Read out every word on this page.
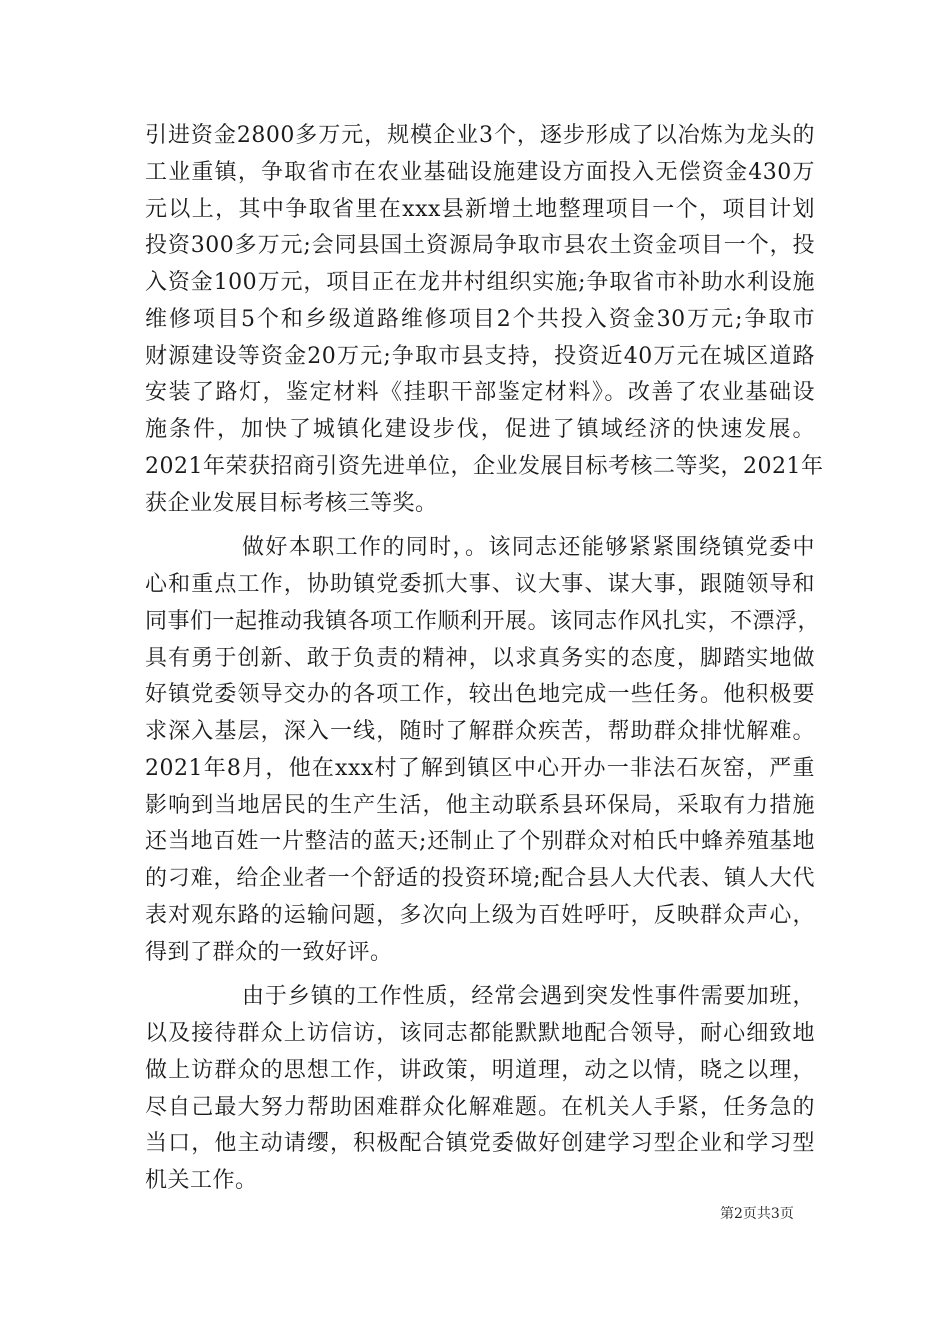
引进资金2800多万元，规模企业3个，逐步形成了以冶炼为龙头的
工业重镇，争取省市在农业基础设施建设方面投入无偿资金430万
元以上，其中争取省里在xxx县新增土地整理项目一个，项目计划
投资300多万元;会同县国土资源局争取市县农土资金项目一个，投
入资金100万元，项目正在龙井村组织实施;争取省市补助水利设施
维修项目5个和乡级道路维修项目2个共投入资金30万元;争取市
财源建设等资金20万元;争取市县支持，投资近40万元在城区道路
安装了路灯，鉴定材料《挂职干部鉴定材料》。改善了农业基础设
施条件，加快了城镇化建设步伐，促进了镇域经济的快速发展。
2021年荣获招商引资先进单位，企业发展目标考核二等奖，2021年
获企业发展目标考核三等奖。
做好本职工作的同时，。该同志还能够紧紧围绕镇党委中
心和重点工作，协助镇党委抓大事、议大事、谋大事，跟随领导和
同事们一起推动我镇各项工作顺利开展。该同志作风扎实，不漂浮，
具有勇于创新、敢于负责的精神，以求真务实的态度，脚踏实地做
好镇党委领导交办的各项工作，较出色地完成一些任务。他积极要
求深入基层，深入一线，随时了解群众疾苦，帮助群众排忧解难。
2021年8月，他在xxx村了解到镇区中心开办一非法石灰窑，严重
影响到当地居民的生产生活，他主动联系县环保局，采取有力措施
还当地百姓一片整洁的蓝天;还制止了个别群众对柏氏中蜂养殖基地
的刁难，给企业者一个舒适的投资环境;配合县人大代表、镇人大代
表对观东路的运输问题，多次向上级为百姓呼吁，反映群众声心，
得到了群众的一致好评。
由于乡镇的工作性质，经常会遇到突发性事件需要加班，
以及接待群众上访信访，该同志都能默默地配合领导，耐心细致地
做上访群众的思想工作，讲政策，明道理，动之以情，晓之以理，
尽自己最大努力帮助困难群众化解难题。在机关人手紧，任务急的
当口，他主动请缨，积极配合镇党委做好创建学习型企业和学习型
机关工作。
第2页共3页
